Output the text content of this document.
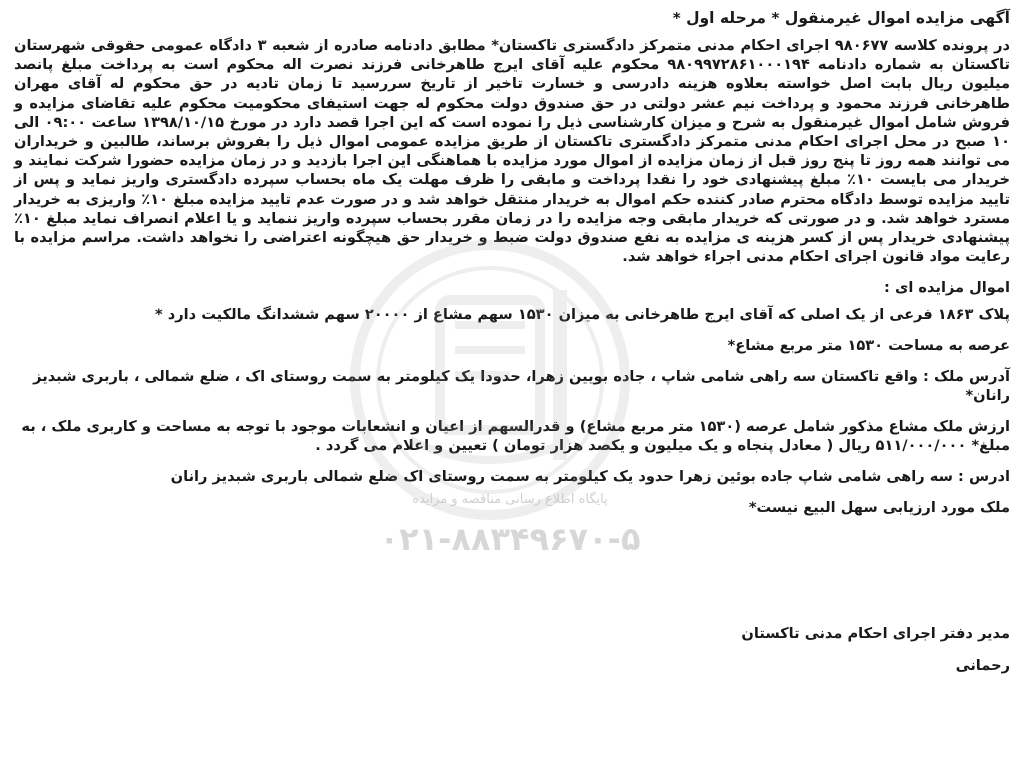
پایگاه اطلاع رسانی مناقصه و مزایده
۰۲۱-۸۸۳۴۹۶۷۰-۵
آگهی مزایده اموال غیرمنقول * مرحله اول *

در پرونده کلاسه ۹۸۰۶۷۷ اجرای احکام مدنی متمرکز دادگستری تاکستان* مطابق دادنامه صادره از شعبه ۳ دادگاه عمومی حقوقی شهرستان تاکستان به شماره دادنامه ۹۸۰۹۹۷۲۸۶۱۰۰۰۱۹۴ محکوم علیه آقای ایرج طاهرخانی فرزند نصرت اله محکوم است به پرداخت مبلغ پانصد میلیون ریال بابت اصل خواسته بعلاوه هزینه دادرسی و خسارت تاخیر از تاریخ سررسید تا زمان تادیه در حق محکوم له آقای مهران طاهرخانی فرزند محمود و پرداخت نیم عشر دولتی در حق صندوق دولت محکوم له جهت استیفای محکومیت محکوم علیه تقاضای مزایده و فروش شامل اموال غیرمنقول به شرح و میزان کارشناسی ذیل را نموده است که این اجرا قصد دارد در مورخ ۱۳۹۸/۱۰/۱۵ ساعت ۰۹:۰۰ الی ۱۰ صبح در محل اجرای احکام مدنی متمرکز دادگستری تاکستان از طریق مزایده عمومی اموال ذیل را بفروش برساند، طالبین و خریداران می توانند همه روز تا پنج روز قبل از زمان مزایده از اموال مورد مزایده با هماهنگی این اجرا بازدید و در زمان مزایده حضورا شرکت نمایند و خریدار می بایست ۱۰٪ مبلغ پیشنهادی خود را نقدا پرداخت و مابقی را ظرف مهلت یک ماه بحساب سپرده دادگستری واریز نماید و پس از تایید مزایده توسط دادگاه محترم صادر کننده حکم اموال به خریدار منتقل خواهد شد و در صورت عدم تایید مزایده مبلغ ۱۰٪ واریزی به خریدار مسترد خواهد شد. و در صورتی که خریدار مابقی وجه مزایده را در زمان مقرر بحساب سپرده واریز ننماید و یا اعلام انصراف نماید مبلغ ۱۰٪ پیشنهادی خریدار پس از کسر هزینه ی مزایده به نفع صندوق دولت ضبط و خریدار حق هیچگونه اعتراضی را نخواهد داشت. مراسم مزایده با رعایت مواد قانون اجرای احکام مدنی اجراء خواهد شد.

اموال مزایده ای :
پلاک ۱۸۶۳ فرعی از یک اصلی که آقای ایرج طاهرخانی به میزان ۱۵۳۰ سهم مشاع از ۲۰۰۰۰ سهم ششدانگ مالکیت دارد *
عرصه به مساحت ۱۵۳۰ متر مربع مشاع*
آدرس ملک : واقع تاکستان سه راهی شامی شاپ ، جاده بویین زهرا، حدودا یک کیلومتر به سمت روستای اک ، ضلع شمالی ، باربری شبدیز رانان*
ارزش ملک مشاع مذکور شامل عرصه (۱۵۳۰ متر مربع مشاع) و قدرالسهم از اعیان و انشعابات موجود با توجه به مساحت و کاربری ملک ، به مبلغ* ۵۱۱/۰۰۰/۰۰۰ ریال ( معادل پنجاه و یک میلیون و یکصد هزار تومان ) تعیین و اعلام می گردد .
ادرس : سه راهی شامی شاپ جاده بوئین زهرا حدود یک کیلومتر به سمت روستای اک ضلع شمالی باربری شبدیز رانان
ملک مورد ارزیابی سهل البیع نیست*
مدیر دفتر اجرای احکام مدنی تاکستان
رحمانی
